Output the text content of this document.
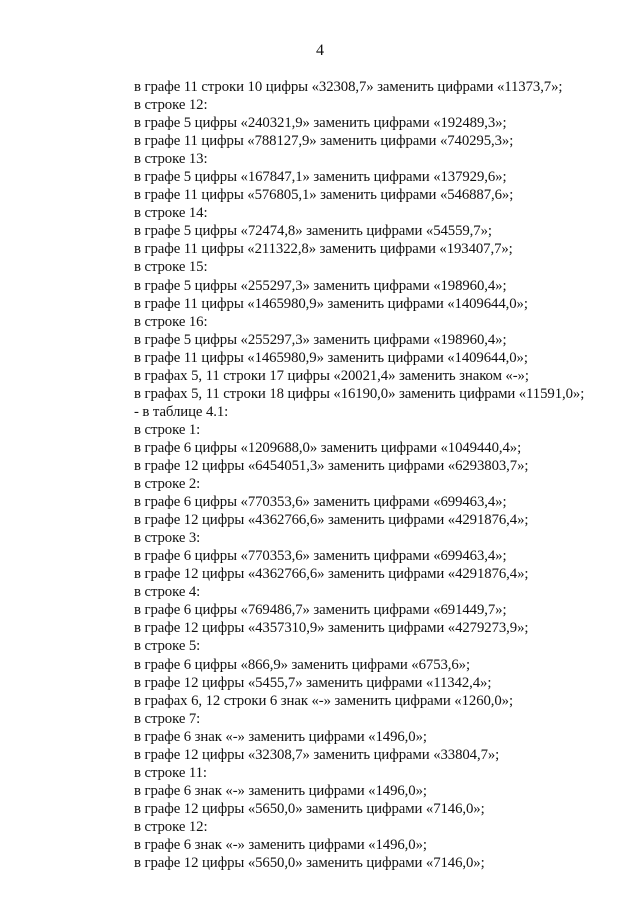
4
в графе 11 строки 10 цифры «32308,7» заменить цифрами «11373,7»;
в строке 12:
в графе 5 цифры «240321,9» заменить цифрами «192489,3»;
в графе 11 цифры «788127,9» заменить цифрами «740295,3»;
в строке 13:
в графе 5 цифры «167847,1» заменить цифрами «137929,6»;
в графе 11 цифры «576805,1» заменить цифрами «546887,6»;
в строке 14:
в графе 5 цифры «72474,8» заменить цифрами «54559,7»;
в графе 11 цифры «211322,8» заменить цифрами «193407,7»;
в строке 15:
в графе 5 цифры «255297,3» заменить цифрами «198960,4»;
в графе 11 цифры «1465980,9» заменить цифрами «1409644,0»;
в строке 16:
в графе 5 цифры «255297,3» заменить цифрами «198960,4»;
в графе 11 цифры «1465980,9» заменить цифрами «1409644,0»;
в графах 5, 11 строки 17 цифры «20021,4» заменить знаком «-»;
в графах 5, 11 строки 18 цифры «16190,0» заменить цифрами «11591,0»;
- в таблице 4.1:
в строке 1:
в графе 6 цифры «1209688,0» заменить цифрами «1049440,4»;
в графе 12 цифры «6454051,3» заменить цифрами «6293803,7»;
в строке 2:
в графе 6 цифры «770353,6» заменить цифрами «699463,4»;
в графе 12 цифры «4362766,6» заменить цифрами «4291876,4»;
в строке 3:
в графе 6 цифры «770353,6» заменить цифрами «699463,4»;
в графе 12 цифры «4362766,6» заменить цифрами «4291876,4»;
в строке 4:
в графе 6 цифры «769486,7» заменить цифрами «691449,7»;
в графе 12 цифры «4357310,9» заменить цифрами «4279273,9»;
в строке 5:
в графе 6 цифры «866,9» заменить цифрами «6753,6»;
в графе 12 цифры «5455,7» заменить цифрами «11342,4»;
в графах 6, 12 строки 6 знак «-» заменить цифрами «1260,0»;
в строке 7:
в графе 6 знак «-» заменить цифрами «1496,0»;
в графе 12 цифры «32308,7» заменить цифрами «33804,7»;
в строке 11:
в графе 6 знак «-» заменить цифрами «1496,0»;
в графе 12 цифры «5650,0» заменить цифрами «7146,0»;
в строке 12:
в графе 6 знак «-» заменить цифрами «1496,0»;
в графе 12 цифры «5650,0» заменить цифрами «7146,0»;
